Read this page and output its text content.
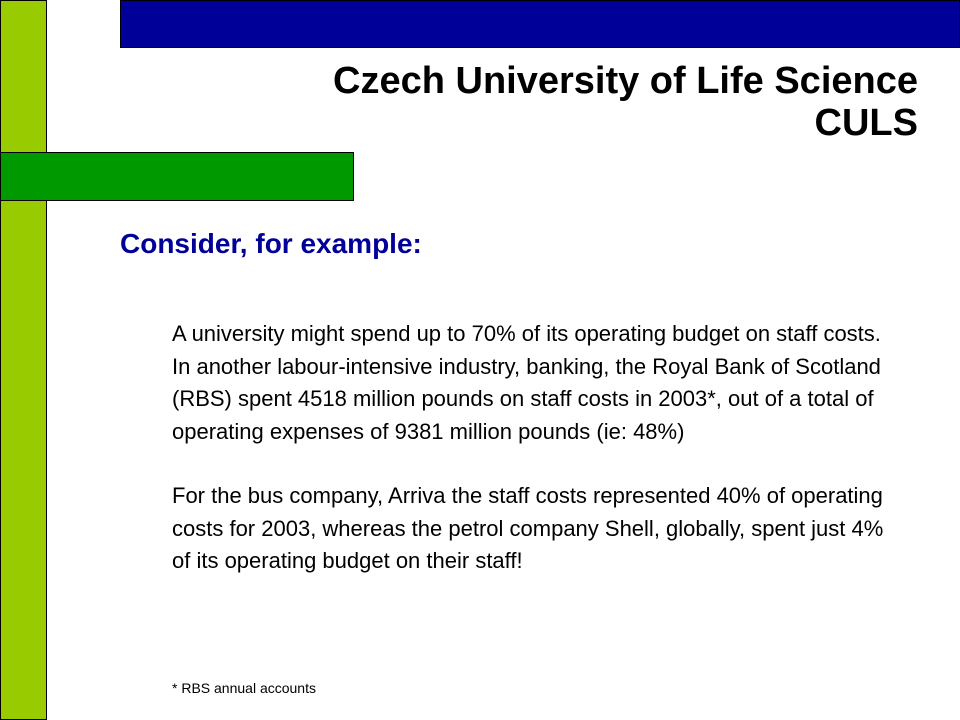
Czech University of Life Science
CULS
Consider, for example:

A university might spend up to 70% of its operating budget on staff costs. In another labour-intensive industry, banking, the Royal Bank of Scotland (RBS) spent 4518 million pounds on staff costs in 2003*, out of a total of operating expenses of 9381 million pounds (ie: 48%)

For the bus company, Arriva the staff costs represented 40% of operating costs for 2003, whereas the petrol company Shell, globally, spent just 4% of its operating budget on their staff!

* RBS annual accounts
